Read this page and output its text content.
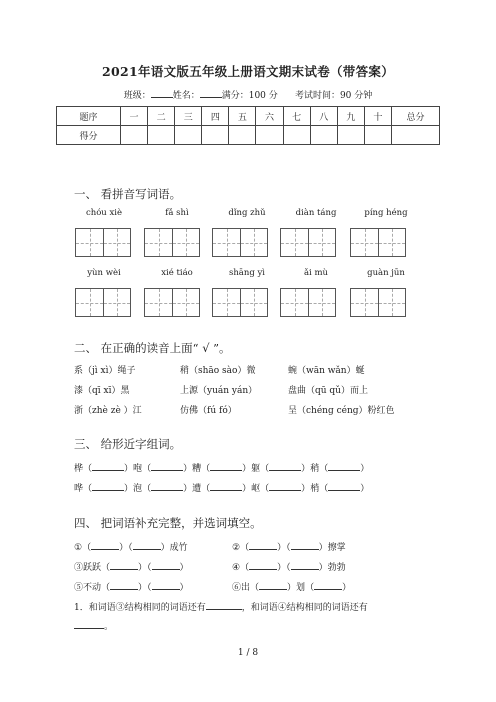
2021年语文版五年级上册语文期末试卷（带答案）
班级： 姓名： 满分：100 分 考试时间：90 分钟
题序	一	二	三	四	五	六	七	八	九	十	总分
得分											
一、 看拼音写词语。
chóu xiè	fǎ shì	dǐng zhǔ	diàn táng	píng héng
yùn wèi	xié tiáo	shāng yì	ǎi mù	guàn jūn
二、 在正确的读音上面“ √ ”。
系（jì xì）绳子	稍（shāo sào）微	蜿（wān wǎn）蜒
漆（qī xī）黑	上源（yuán yán）	盘曲（qū qǔ）而上
浙（zhè zè ）江	仿佛（fú fó）	呈（chéng céng）粉红色
三、 给形近字组词。
桦（	）咆（	）糟（	）躯（	）稍（	）
哗（	）泡（	）遭（	）岖（	）梢（	）
四、 把词语补充完整，并选词填空。
①（	）（	）成竹	②（	）（	）擦掌
③跃跃（	）（	）	④（	）（	）勃勃
⑤不动（	）（	）	⑥出（	）划（	）
1．和词语③结构相同的词语还有	，和词语④结构相同的词语还有
。
1 / 8
